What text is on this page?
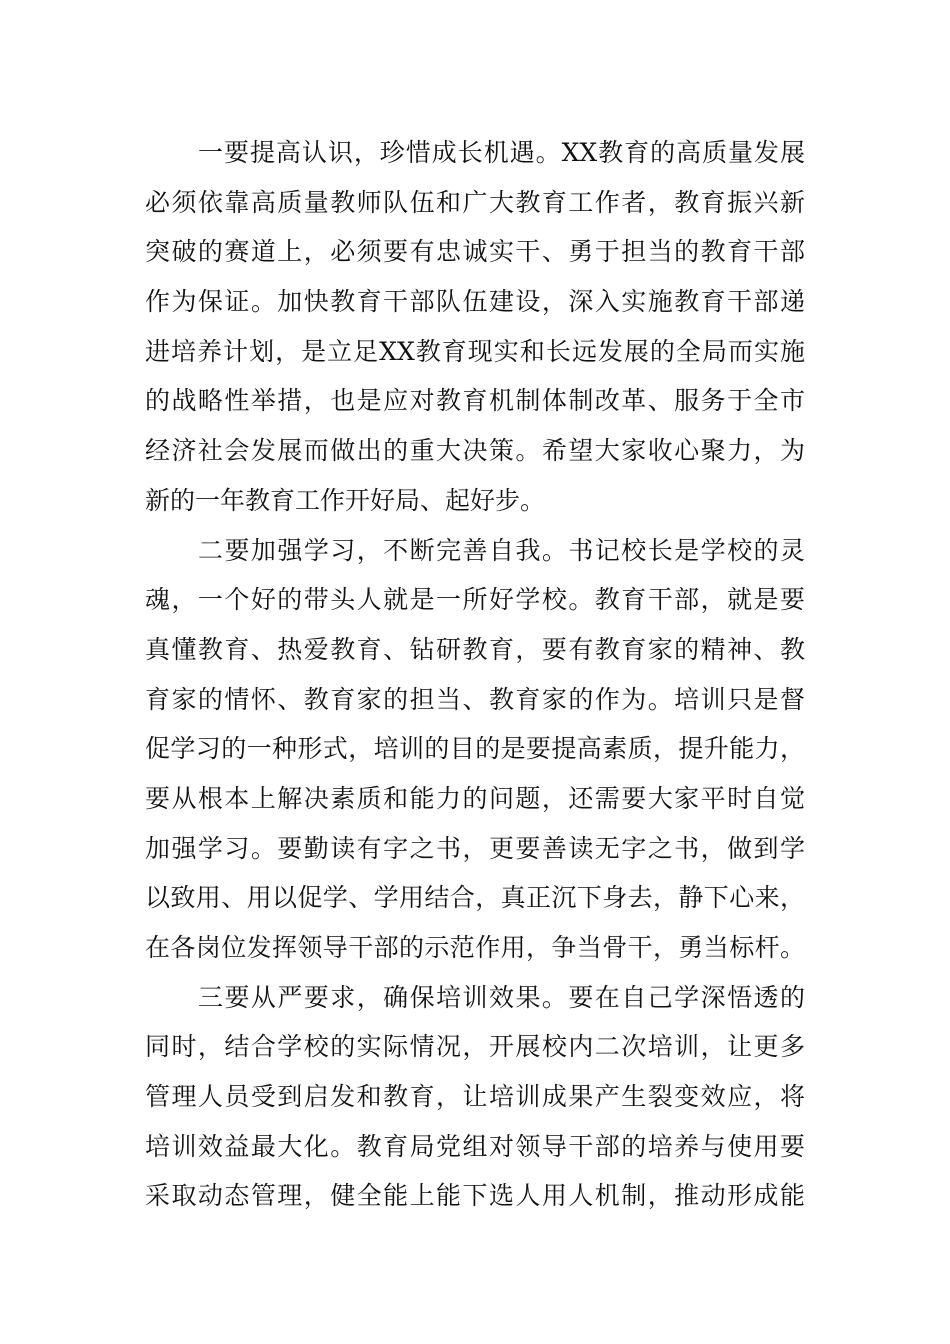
一要提高认识，珍惜成长机遇。XX教育的高质量发展
必须依靠高质量教师队伍和广大教育工作者，教育振兴新
突破的赛道上，必须要有忠诚实干、勇于担当的教育干部
作为保证。加快教育干部队伍建设，深入实施教育干部递
进培养计划，是立足XX教育现实和长远发展的全局而实施
的战略性举措，也是应对教育机制体制改革、服务于全市
经济社会发展而做出的重大决策。希望大家收心聚力，为
新的一年教育工作开好局、起好步。
二要加强学习，不断完善自我。书记校长是学校的灵
魂，一个好的带头人就是一所好学校。教育干部，就是要
真懂教育、热爱教育、钻研教育，要有教育家的精神、教
育家的情怀、教育家的担当、教育家的作为。培训只是督
促学习的一种形式，培训的目的是要提高素质，提升能力，
要从根本上解决素质和能力的问题，还需要大家平时自觉
加强学习。要勤读有字之书，更要善读无字之书，做到学
以致用、用以促学、学用结合，真正沉下身去，静下心来，
在各岗位发挥领导干部的示范作用，争当骨干，勇当标杆。
三要从严要求，确保培训效果。要在自己学深悟透的
同时，结合学校的实际情况，开展校内二次培训，让更多
管理人员受到启发和教育，让培训成果产生裂变效应，将
培训效益最大化。教育局党组对领导干部的培养与使用要
采取动态管理，健全能上能下选人用人机制，推动形成能
